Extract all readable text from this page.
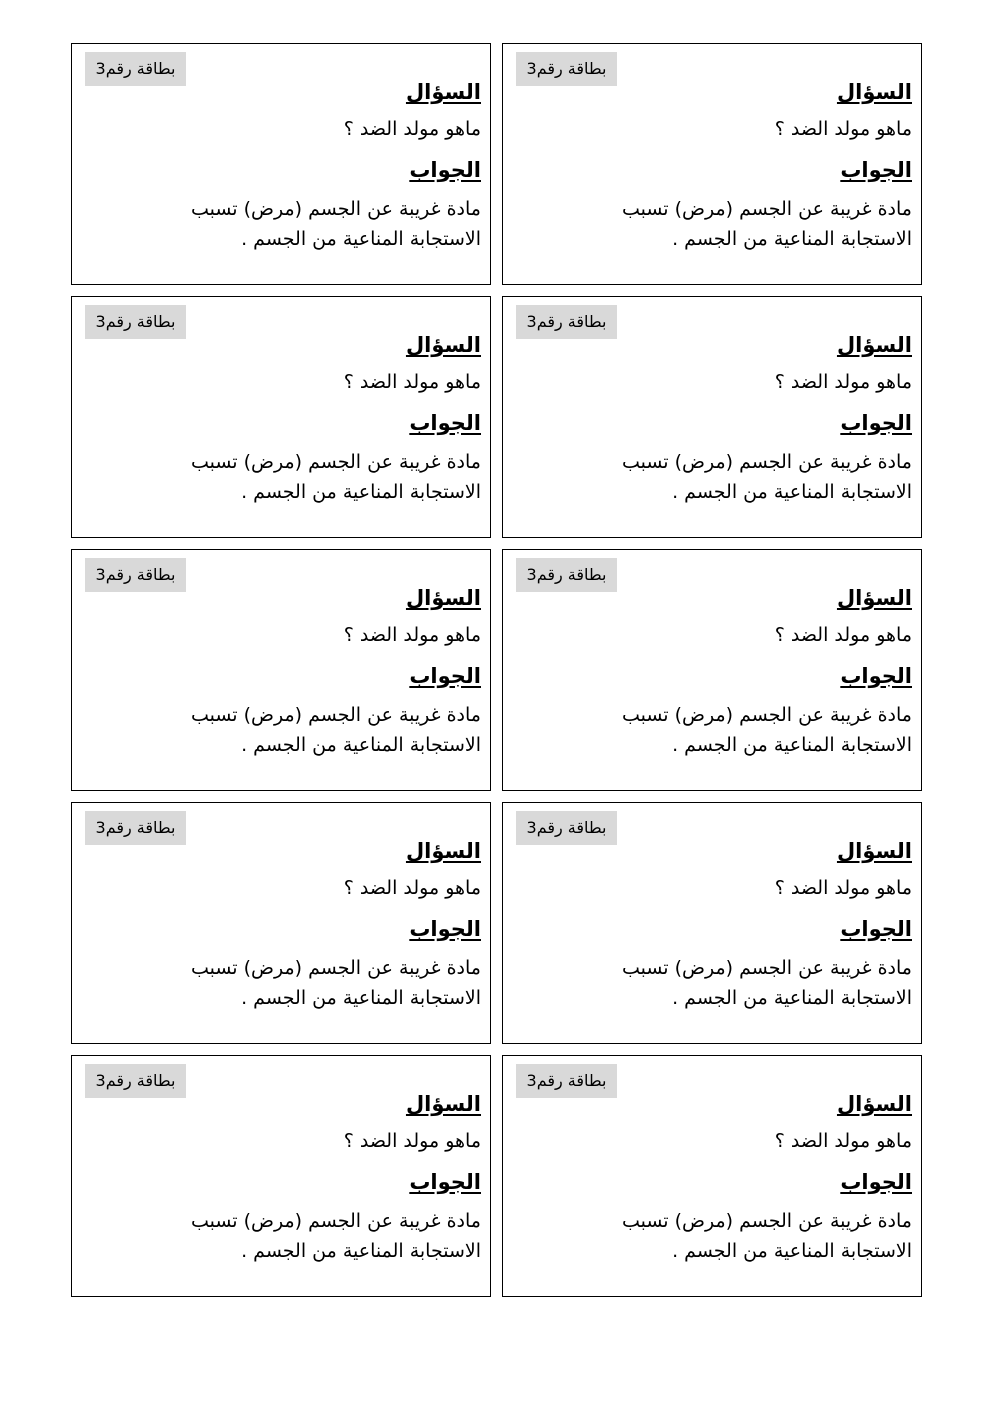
بطاقة رقم3
السؤال
ماهو مولد الضد ؟
الجواب
مادة غريبة عن الجسم (مرض) تسبب الاستجابة المناعية من الجسم .
بطاقة رقم3
السؤال
ماهو مولد الضد ؟
الجواب
مادة غريبة عن الجسم (مرض) تسبب الاستجابة المناعية من الجسم .
بطاقة رقم3
السؤال
ماهو مولد الضد ؟
الجواب
مادة غريبة عن الجسم (مرض) تسبب الاستجابة المناعية من الجسم .
بطاقة رقم3
السؤال
ماهو مولد الضد ؟
الجواب
مادة غريبة عن الجسم (مرض) تسبب الاستجابة المناعية من الجسم .
بطاقة رقم3
السؤال
ماهو مولد الضد ؟
الجواب
مادة غريبة عن الجسم (مرض) تسبب الاستجابة المناعية من الجسم .
بطاقة رقم3
السؤال
ماهو مولد الضد ؟
الجواب
مادة غريبة عن الجسم (مرض) تسبب الاستجابة المناعية من الجسم .
بطاقة رقم3
السؤال
ماهو مولد الضد ؟
الجواب
مادة غريبة عن الجسم (مرض) تسبب الاستجابة المناعية من الجسم .
بطاقة رقم3
السؤال
ماهو مولد الضد ؟
الجواب
مادة غريبة عن الجسم (مرض) تسبب الاستجابة المناعية من الجسم .
بطاقة رقم3
السؤال
ماهو مولد الضد ؟
الجواب
مادة غريبة عن الجسم (مرض) تسبب الاستجابة المناعية من الجسم .
بطاقة رقم3
السؤال
ماهو مولد الضد ؟
الجواب
مادة غريبة عن الجسم (مرض) تسبب الاستجابة المناعية من الجسم .
